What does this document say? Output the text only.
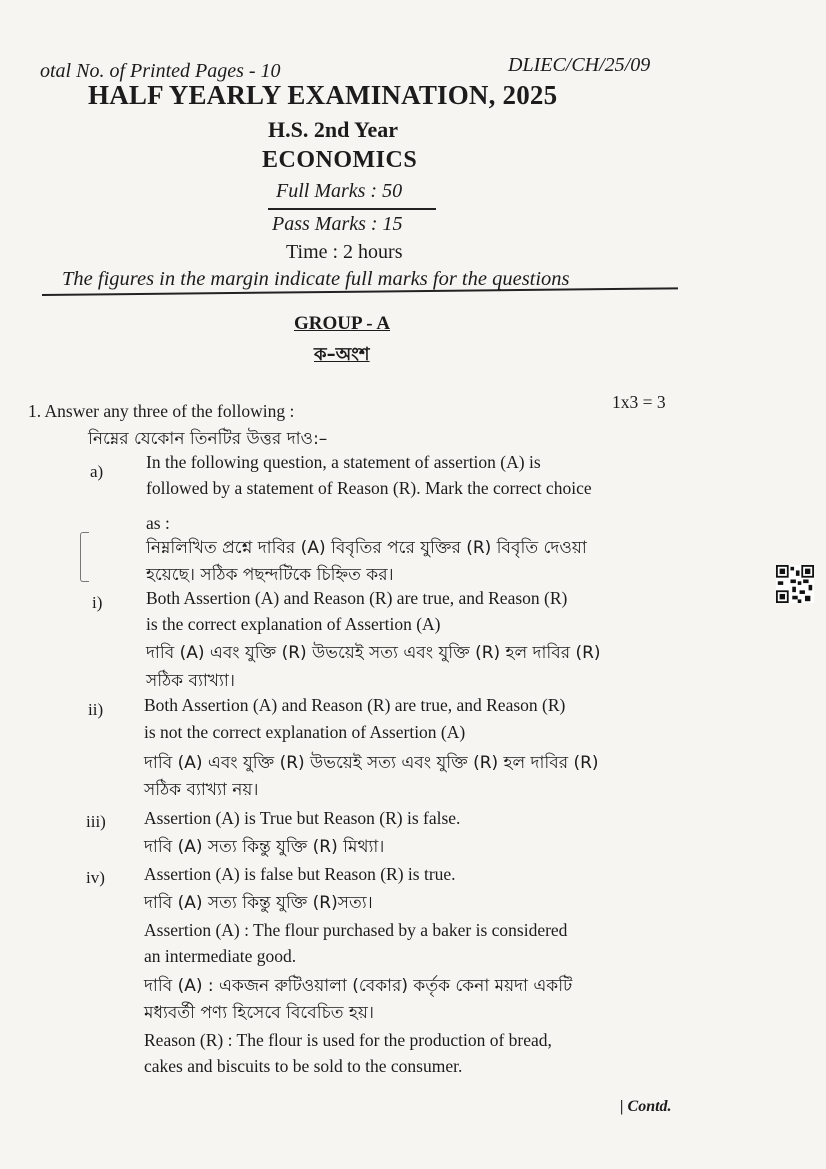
otal No. of Printed Pages - 10	DLIEC/CH/25/09
HALF YEARLY EXAMINATION, 2025
H.S. 2nd Year
ECONOMICS
Full Marks : 50
Pass Marks : 15
Time : 2 hours
The figures in the margin indicate full marks for the questions
GROUP - A
ক–অংশ
1. Answer any three of the following :	1x3 = 3
নিম্নের যেকোন তিনটির উত্তর দাও:–
a) In the following question, a statement of assertion (A) is
followed by a statement of Reason (R). Mark the correct choice
as :
নিম্নলিখিত প্রশ্নে দাবির (A) বিবৃতির পরে যুক্তির (R) বিবৃতি দেওয়া
হয়েছে। সঠিক পছন্দটিকে চিহ্নিত কর।
i) Both Assertion (A) and Reason (R) are true, and Reason (R)
is the correct explanation of Assertion (A)
দাবি (A) এবং যুক্তি (R) উভয়েই সত্য এবং যুক্তি (R) হল দাবির (R)
সঠিক ব্যাখ্যা।
ii) Both Assertion (A) and Reason (R) are true, and Reason (R)
is not the correct explanation of Assertion (A)
দাবি (A) এবং যুক্তি (R) উভয়েই সত্য এবং যুক্তি (R) হল দাবির (R)
সঠিক ব্যাখ্যা নয়।
iii) Assertion (A) is True but Reason (R) is false.
দাবি (A) সত্য কিন্তু যুক্তি (R) মিথ্যা।
iv) Assertion (A) is false but Reason (R) is true.
দাবি (A) সত্য কিন্তু যুক্তি (R)সত্য।
Assertion (A) : The flour purchased by a baker is considered
an intermediate good.
দাবি (A) : একজন রুটিওয়ালা (বেকার) কর্তৃক কেনা ময়দা একটি
মধ্যবর্তী পণ্য হিসেবে বিবেচিত হয়।
Reason (R) : The flour is used for the production of bread,
cakes and biscuits to be sold to the consumer.
| Contd.
